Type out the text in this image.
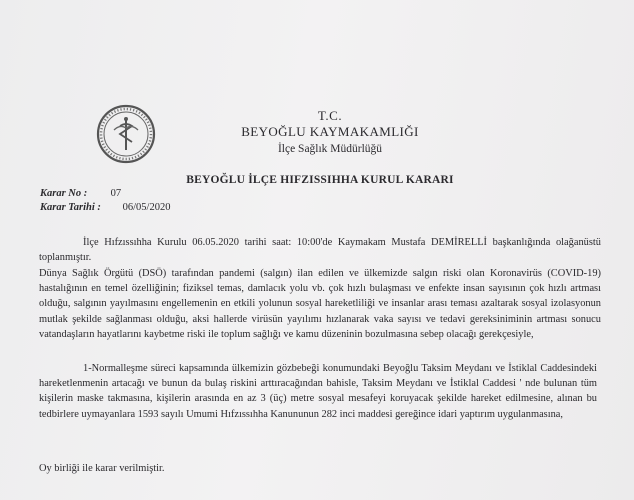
T.C.
BEYOĞLU KAYMAKAMLIĞI
İlçe Sağlık Müdürlüğü
BEYOĞLU İLÇE HIFZISSIHHA KURUL KARARI
Karar No : 07
Karar Tarihi : 06/05/2020
İlçe Hıfzıssıhha Kurulu 06.05.2020 tarihi saat: 10:00'de Kaymakam Mustafa DEMİRELLİ başkanlığında olağanüstü toplanmıştır.
Dünya Sağlık Örgütü (DSÖ) tarafından pandemi (salgın) ilan edilen ve ülkemizde salgın riski olan Koronavirüs (COVID-19) hastalığının en temel özelliğinin; fiziksel temas, damlacık yolu vb. çok hızlı bulaşması ve enfekte insan sayısının çok hızlı artması olduğu, salgının yayılmasını engellemenin en etkili yolunun sosyal hareketliliği ve insanlar arası teması azaltarak sosyal izolasyonun mutlak şekilde sağlanması olduğu, aksi hallerde virüsün yayılımı hızlanarak vaka sayısı ve tedavi gereksiniminin artması sonucu vatandaşların hayatlarını kaybetme riski ile toplum sağlığı ve kamu düzeninin bozulmasına sebep olacağı gerekçesiyle,
1-Normalleşme süreci kapsamında ülkemizin gözbebeği konumundaki Beyoğlu Taksim Meydanı ve İstiklal Caddesindeki hareketlenmenin artacağı ve bunun da bulaş riskini arttıracağından bahisle, Taksim Meydanı ve İstiklal Caddesi ' nde bulunan tüm kişilerin maske takmasına, kişilerin arasında en az 3 (üç) metre sosyal mesafeyi koruyacak şekilde hareket edilmesine, alınan bu tedbirlere uymayanlara 1593 sayılı Umumi Hıfzıssıhha Kanununun 282 inci maddesi gereğince idari yaptırım uygulanmasına,
Oy birliği ile karar verilmiştir.
